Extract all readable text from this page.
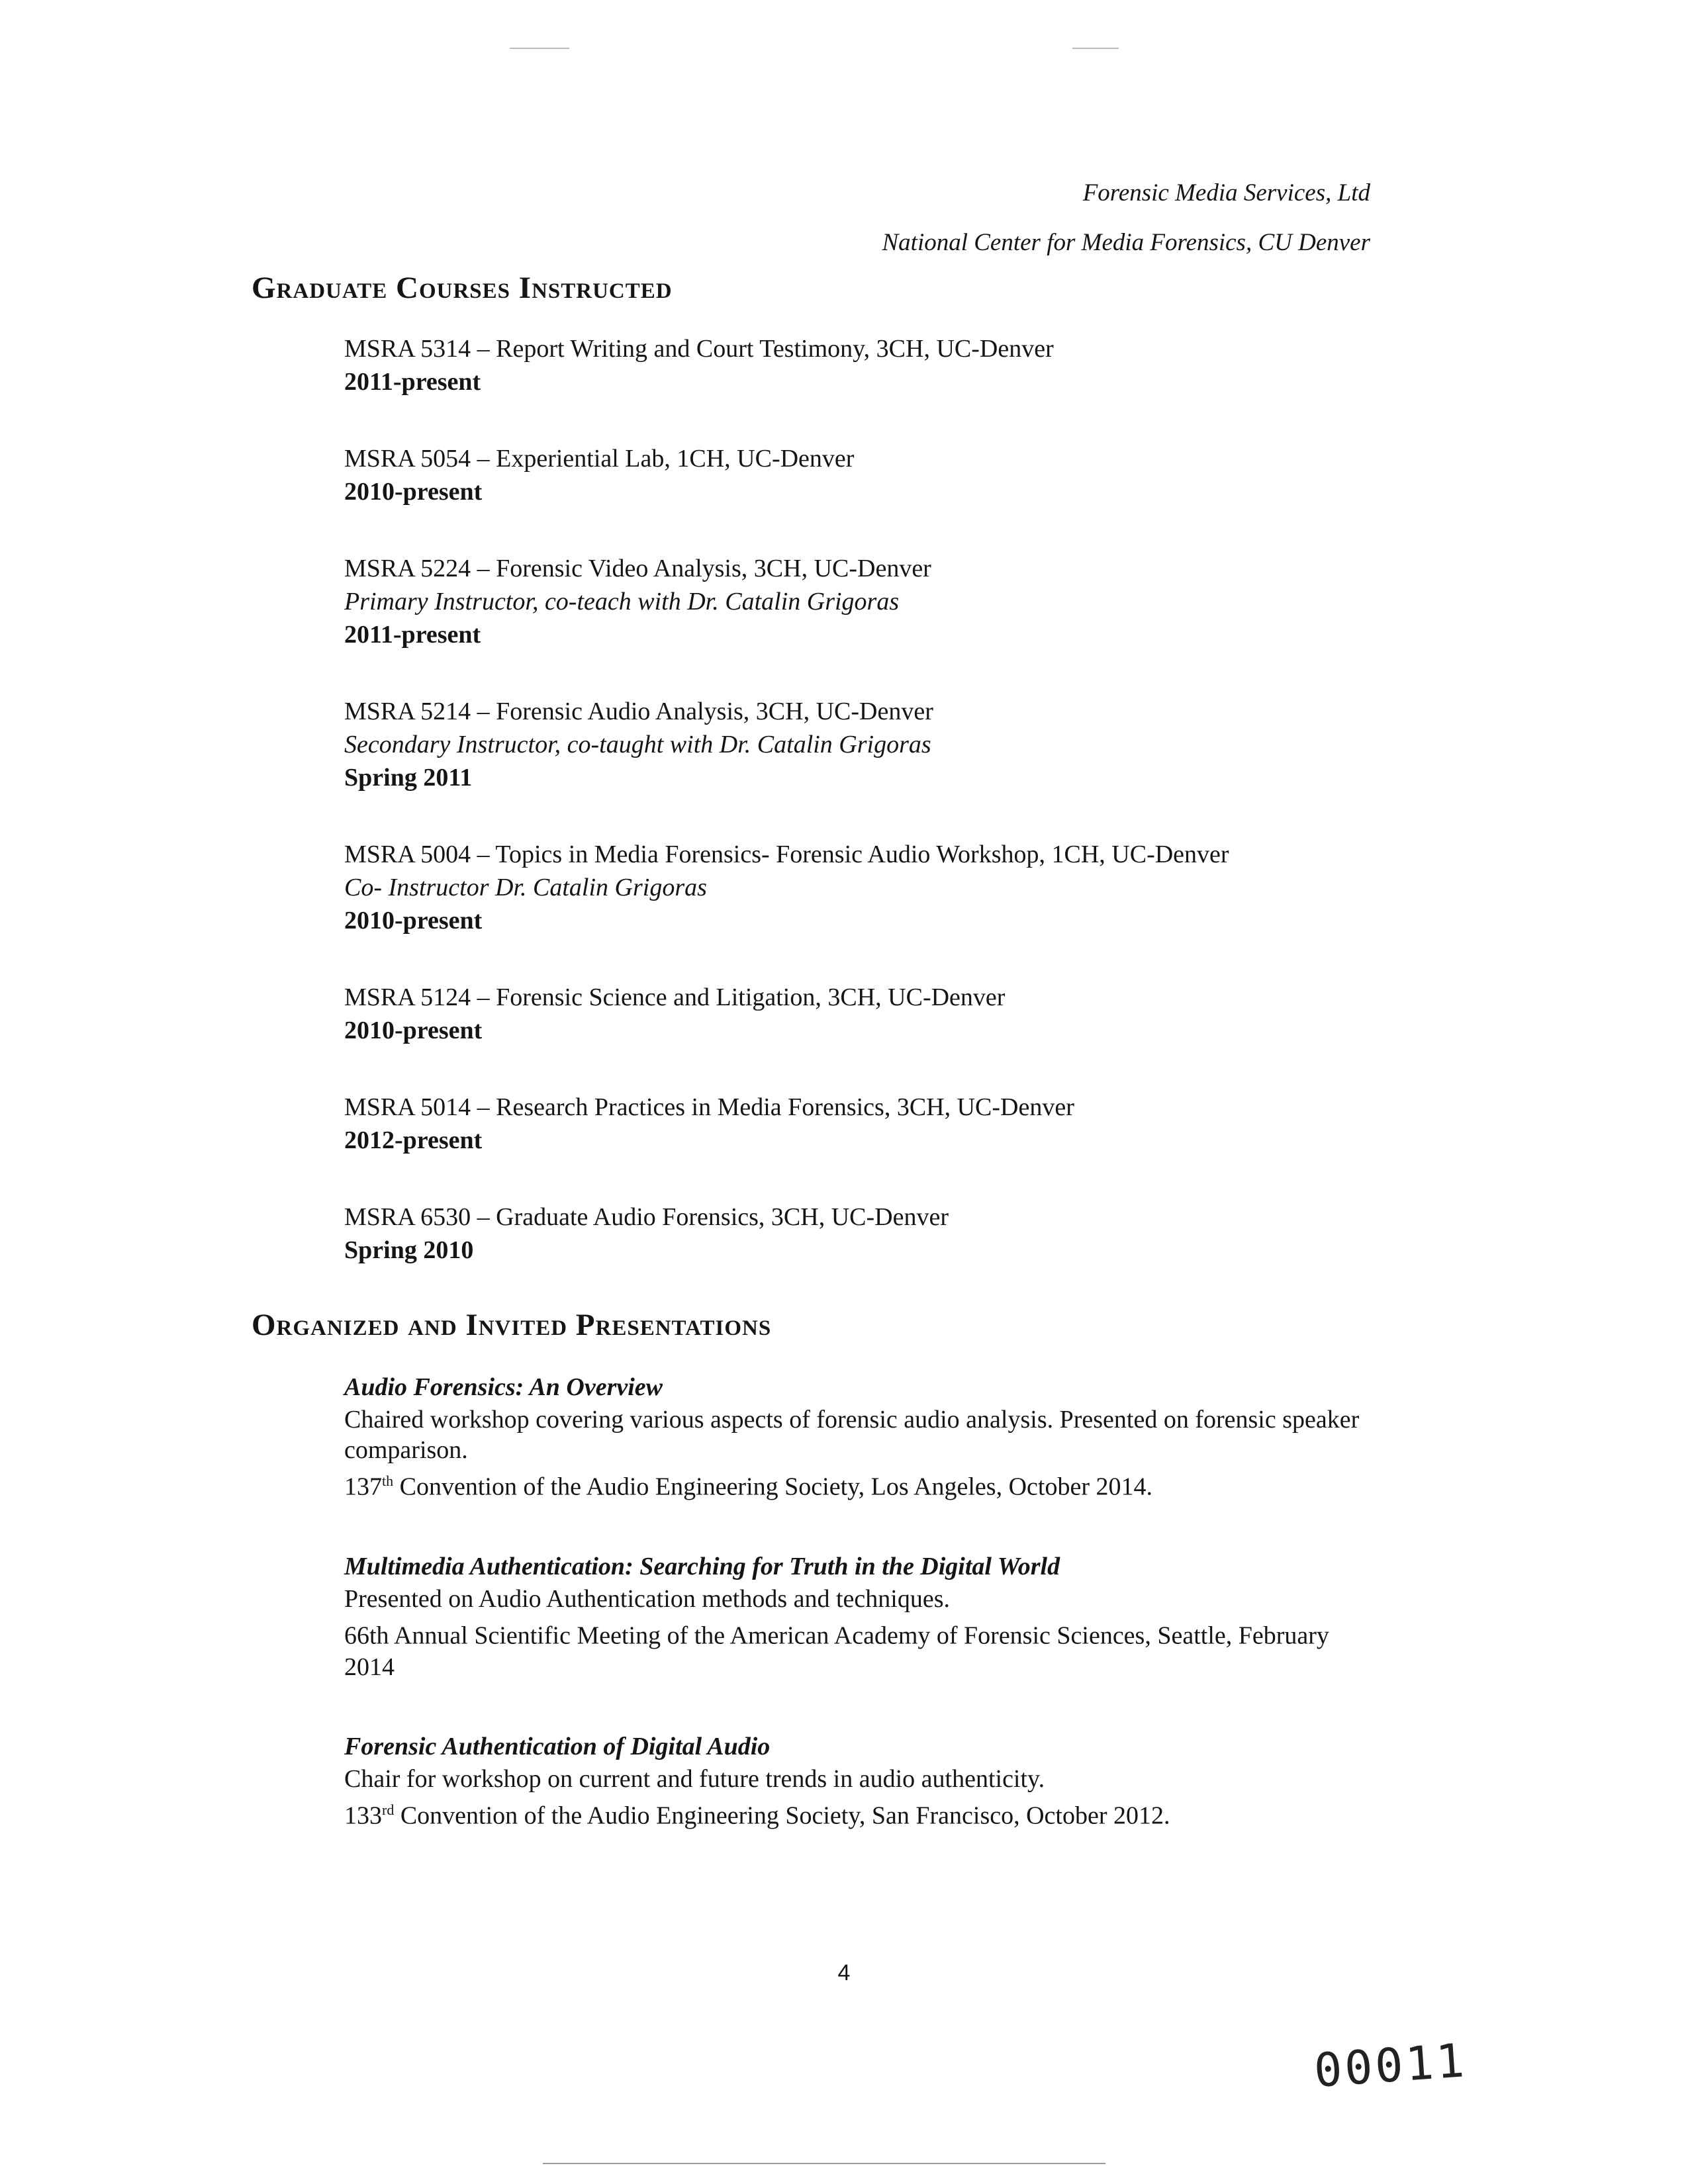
Forensic Media Services, Ltd
National Center for Media Forensics, CU Denver
Graduate Courses Instructed
MSRA 5314 – Report Writing and Court Testimony, 3CH, UC-Denver
2011-present
MSRA 5054 – Experiential Lab, 1CH, UC-Denver
2010-present
MSRA 5224 – Forensic Video Analysis, 3CH, UC-Denver
Primary Instructor, co-teach with Dr. Catalin Grigoras
2011-present
MSRA 5214 – Forensic Audio Analysis, 3CH, UC-Denver
Secondary Instructor, co-taught with Dr. Catalin Grigoras
Spring 2011
MSRA 5004 – Topics in Media Forensics- Forensic Audio Workshop, 1CH, UC-Denver
Co- Instructor Dr. Catalin Grigoras
2010-present
MSRA 5124 – Forensic Science and Litigation, 3CH, UC-Denver
2010-present
MSRA 5014 – Research Practices in Media Forensics, 3CH, UC-Denver
2012-present
MSRA 6530 – Graduate Audio Forensics, 3CH, UC-Denver
Spring 2010
Organized and Invited Presentations
Audio Forensics: An Overview
Chaired workshop covering various aspects of forensic audio analysis. Presented on forensic speaker comparison.
137th Convention of the Audio Engineering Society, Los Angeles, October 2014.
Multimedia Authentication: Searching for Truth in the Digital World
Presented on Audio Authentication methods and techniques.
66th Annual Scientific Meeting of the American Academy of Forensic Sciences, Seattle, February 2014
Forensic Authentication of Digital Audio
Chair for workshop on current and future trends in audio authenticity.
133rd Convention of the Audio Engineering Society, San Francisco, October 2012.
4
00011
